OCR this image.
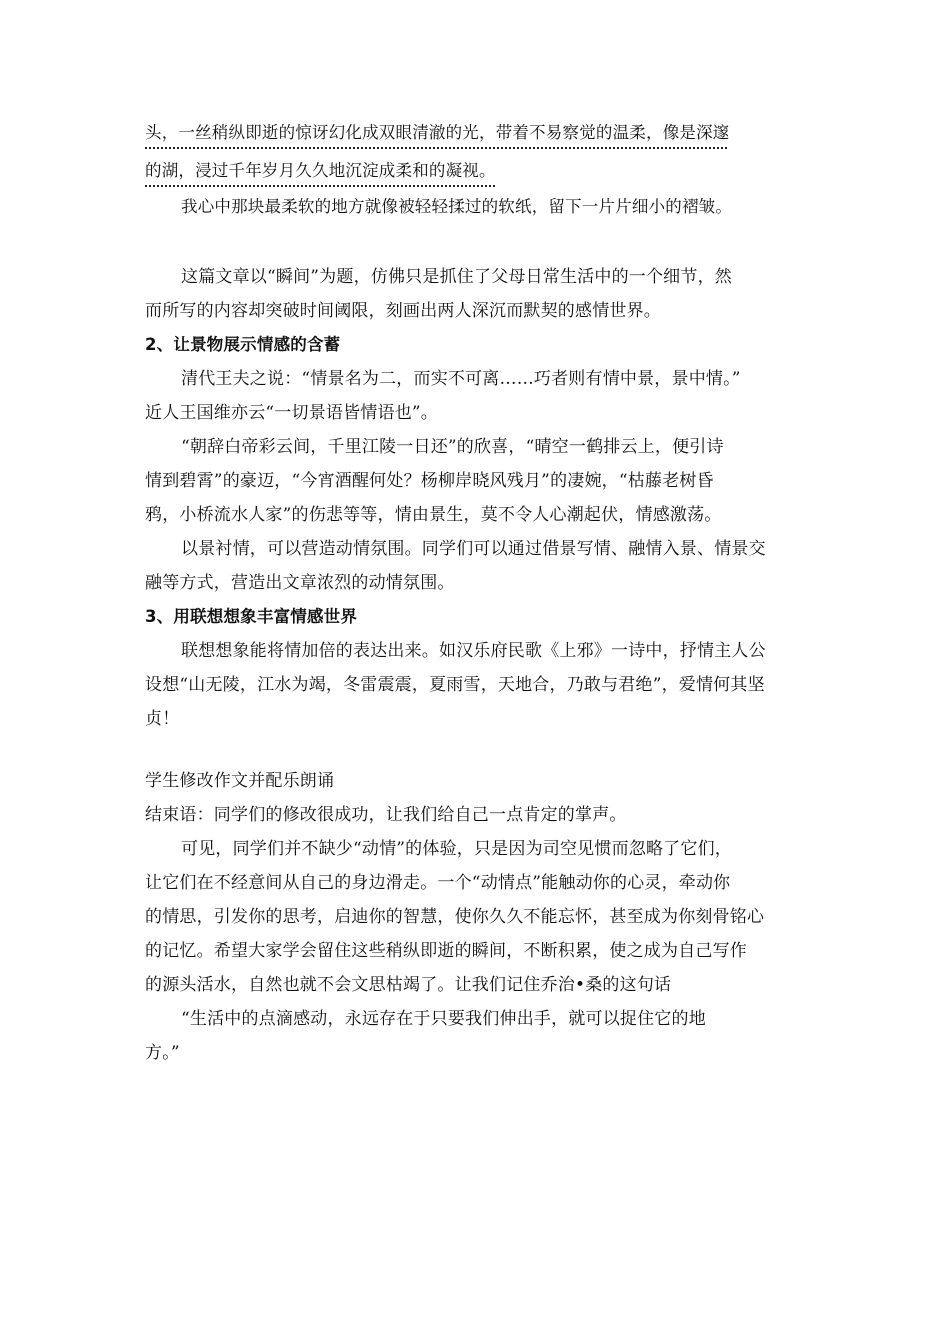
头，一丝稍纵即逝的惊讶幻化成双眼清澈的光，带着不易察觉的温柔，像是深邃
的湖，浸过千年岁月久久地沉淀成柔和的凝视。
我心中那块最柔软的地方就像被轻轻揉过的软纸，留下一片片细小的褶皱。
这篇文章以“瞬间”为题，仿佛只是抓住了父母日常生活中的一个细节，然
而所写的内容却突破时间阈限，刻画出两人深沉而默契的感情世界。
2、让景物展示情感的含蓄
清代王夫之说：“情景名为二，而实不可离……巧者则有情中景，景中情。”
近人王国维亦云“一切景语皆情语也”。
“朝辞白帝彩云间，千里江陵一日还”的欣喜，“晴空一鹤排云上，便引诗
情到碧霄”的豪迈，“今宵酒醒何处？杨柳岸晓风残月”的凄婉，“枯藤老树昏
鸦，小桥流水人家”的伤悲等等，情由景生，莫不令人心潮起伏，情感激荡。
以景衬情，可以营造动情氛围。同学们可以通过借景写情、融情入景、情景交
融等方式，营造出文章浓烈的动情氛围。
3、用联想想象丰富情感世界
联想想象能将情加倍的表达出来。如汉乐府民歌《上邪》一诗中，抒情主人公
设想“山无陵，江水为竭，冬雷震震，夏雨雪，天地合，乃敢与君绝”，爱情何其坚
贞！
学生修改作文并配乐朗诵
结束语：同学们的修改很成功，让我们给自己一点肯定的掌声。
可见，同学们并不缺少“动情”的体验，只是因为司空见惯而忽略了它们，
让它们在不经意间从自己的身边滑走。一个“动情点”能触动你的心灵，牵动你
的情思，引发你的思考，启迪你的智慧，使你久久不能忘怀，甚至成为你刻骨铭心
的记忆。希望大家学会留住这些稍纵即逝的瞬间，不断积累，使之成为自己写作
的源头活水，自然也就不会文思枯竭了。让我们记住乔治•桑的这句话
“生活中的点滴感动，永远存在于只要我们伸出手，就可以捉住它的地
方。”
